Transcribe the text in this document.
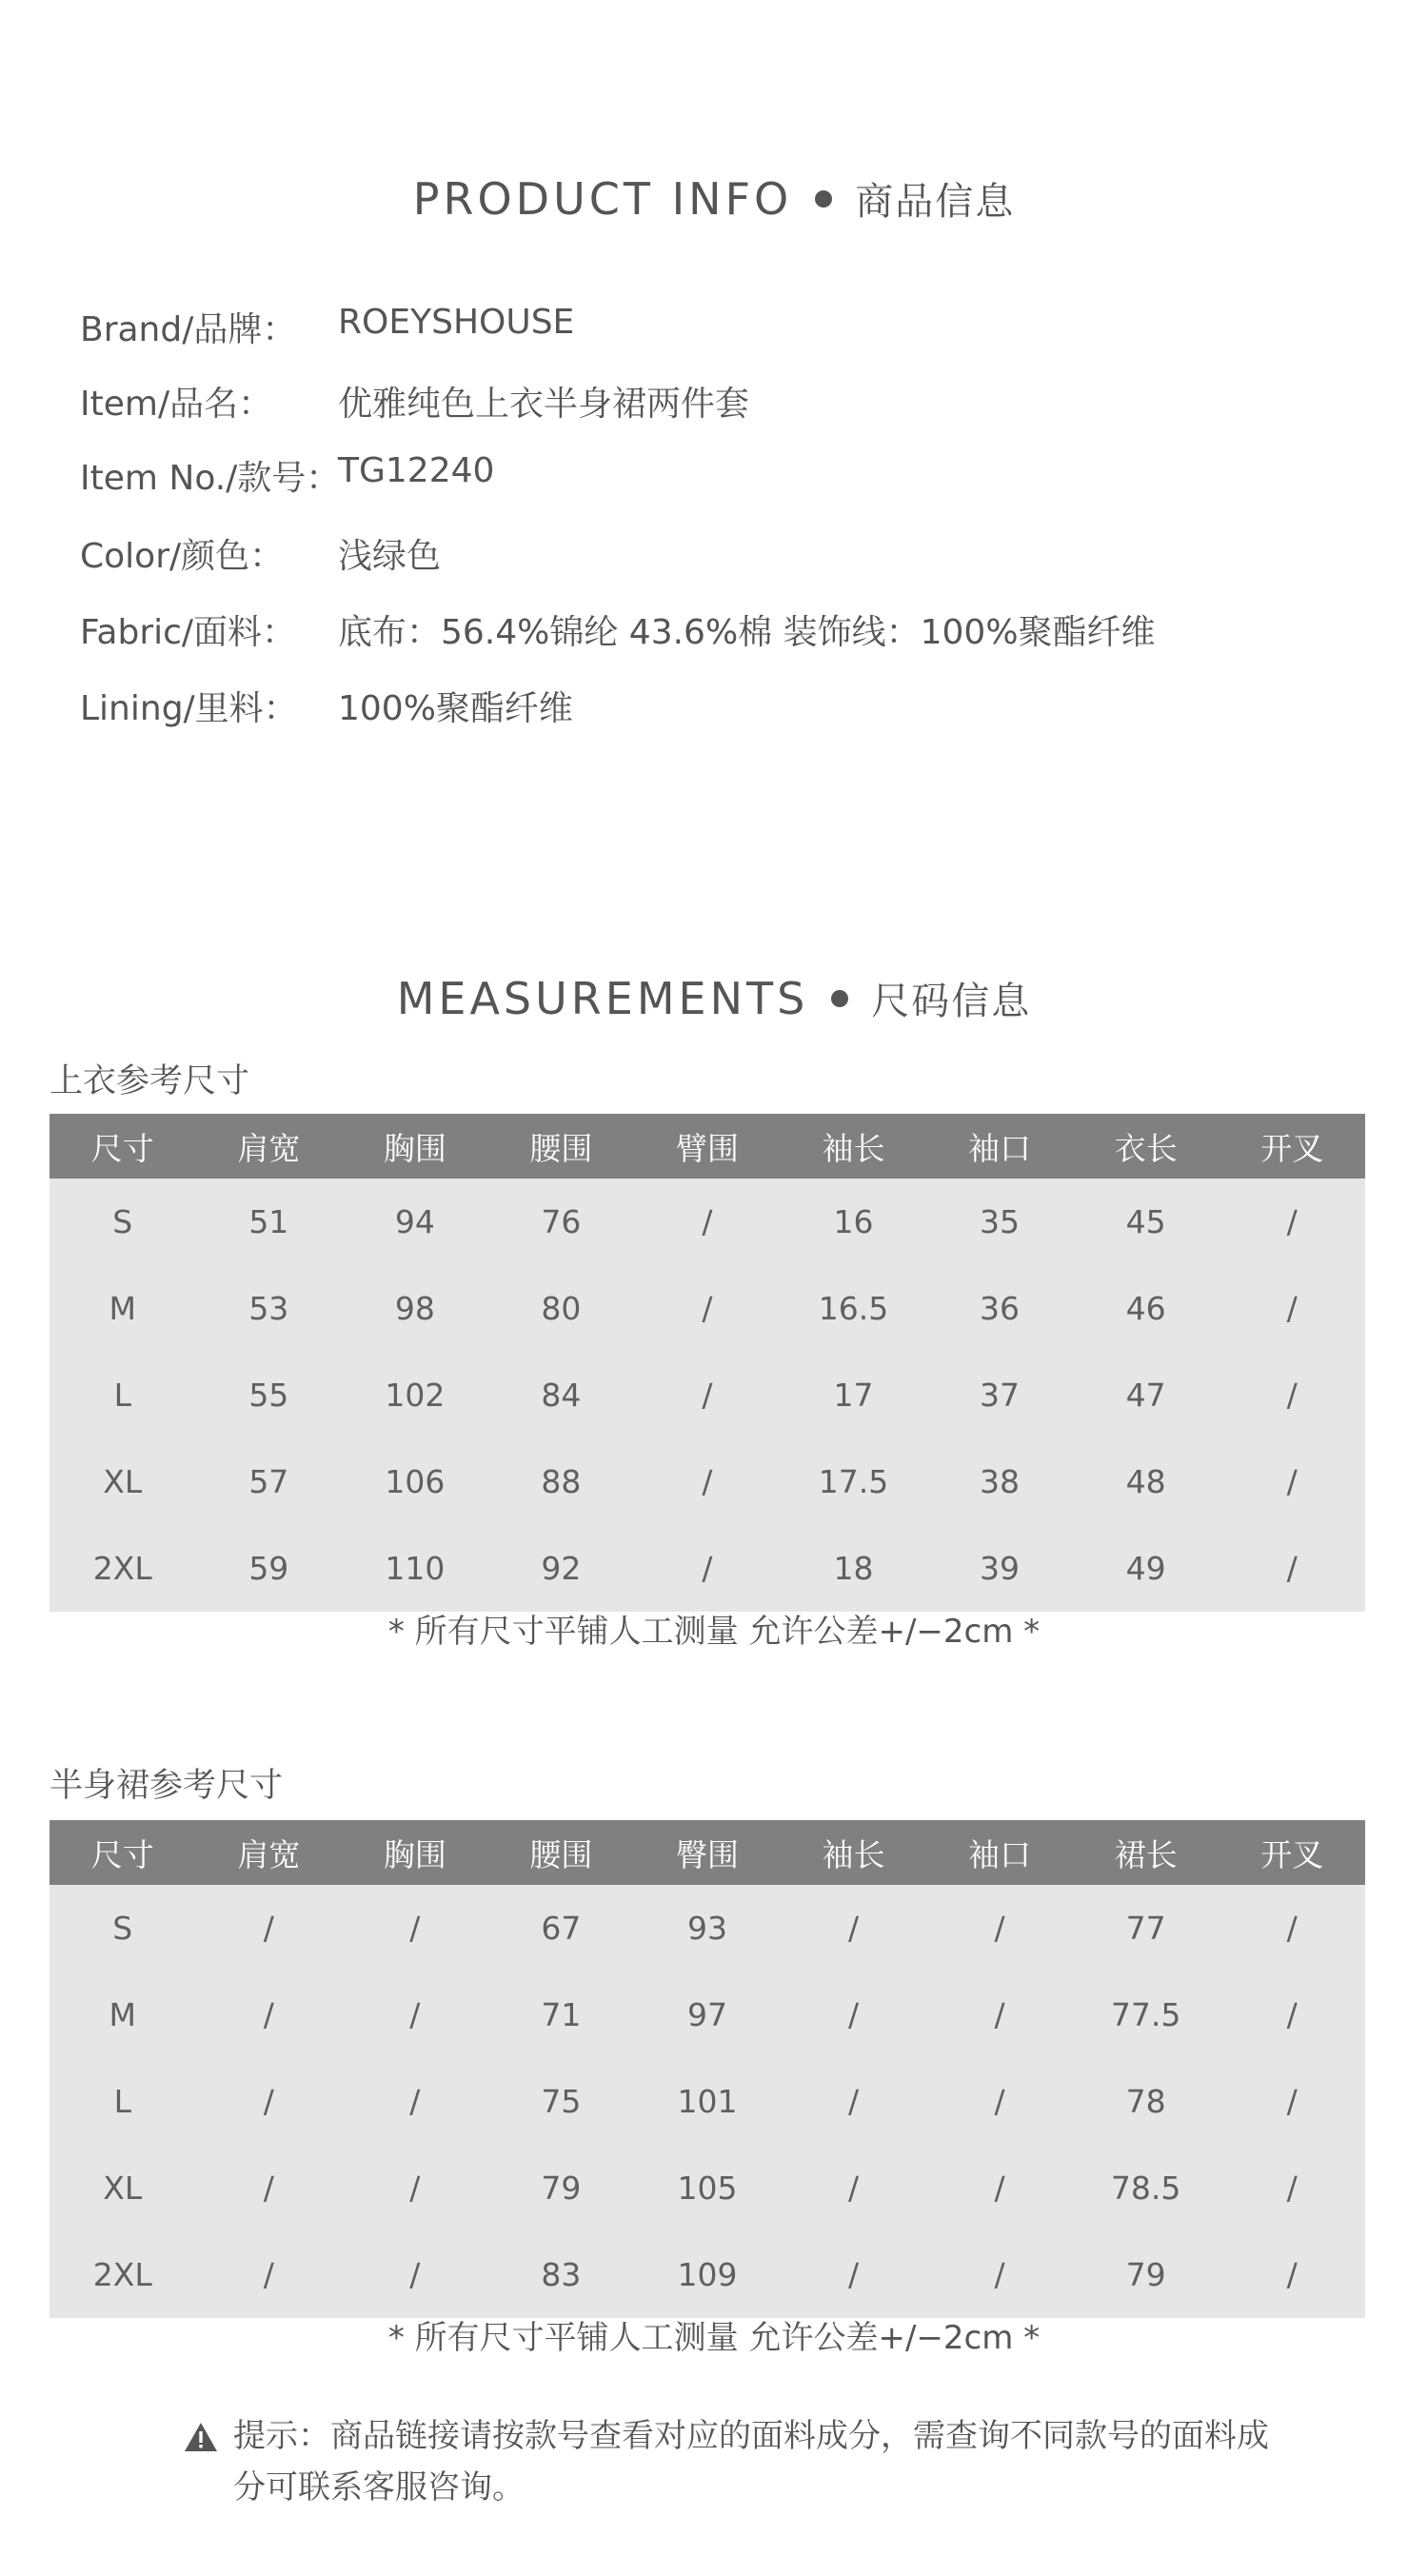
PRODUCT INFO 商品信息
Brand/品牌： ROEYSHOUSE
Item/品名： 优雅纯色上衣半身裙两件套
Item No./款号：
TG12240
Color/颜色： 浅绿色
Fabric/面料： 底布：56.4%锦纶 43.6%棉 装饰线：100%聚酯纤维
Lining/里料： 100%聚酯纤维
MEASUREMENTS 尺码信息
上衣参考尺寸
尺寸	肩宽	胸围	腰围	臂围	袖长	袖口	衣长	开叉
S	51	94	76	/	16	35	45	/
M	53	98	80	/	16.5	36	46	/
L	55	102	84	/	17	37	47	/
XL	57	106	88	/	17.5	38	48	/
2XL	59	110	92	/	18	39	49	/
* 所有尺寸平铺人工测量 允许公差+/−2cm *
半身裙参考尺寸
尺寸	肩宽	胸围	腰围	臀围	袖长	袖口	裙长	开叉
S	/	/	67	93	/	/	77	/
M	/	/	71	97	/	/	77.5	/
L	/	/	75	101	/	/	78	/
XL	/	/	79	105	/	/	78.5	/
2XL	/	/	83	109	/	/	79	/
* 所有尺寸平铺人工测量 允许公差+/−2cm *
提示：商品链接请按款号查看对应的面料成分，需查询不同款号的面料成分可联系客服咨询。
